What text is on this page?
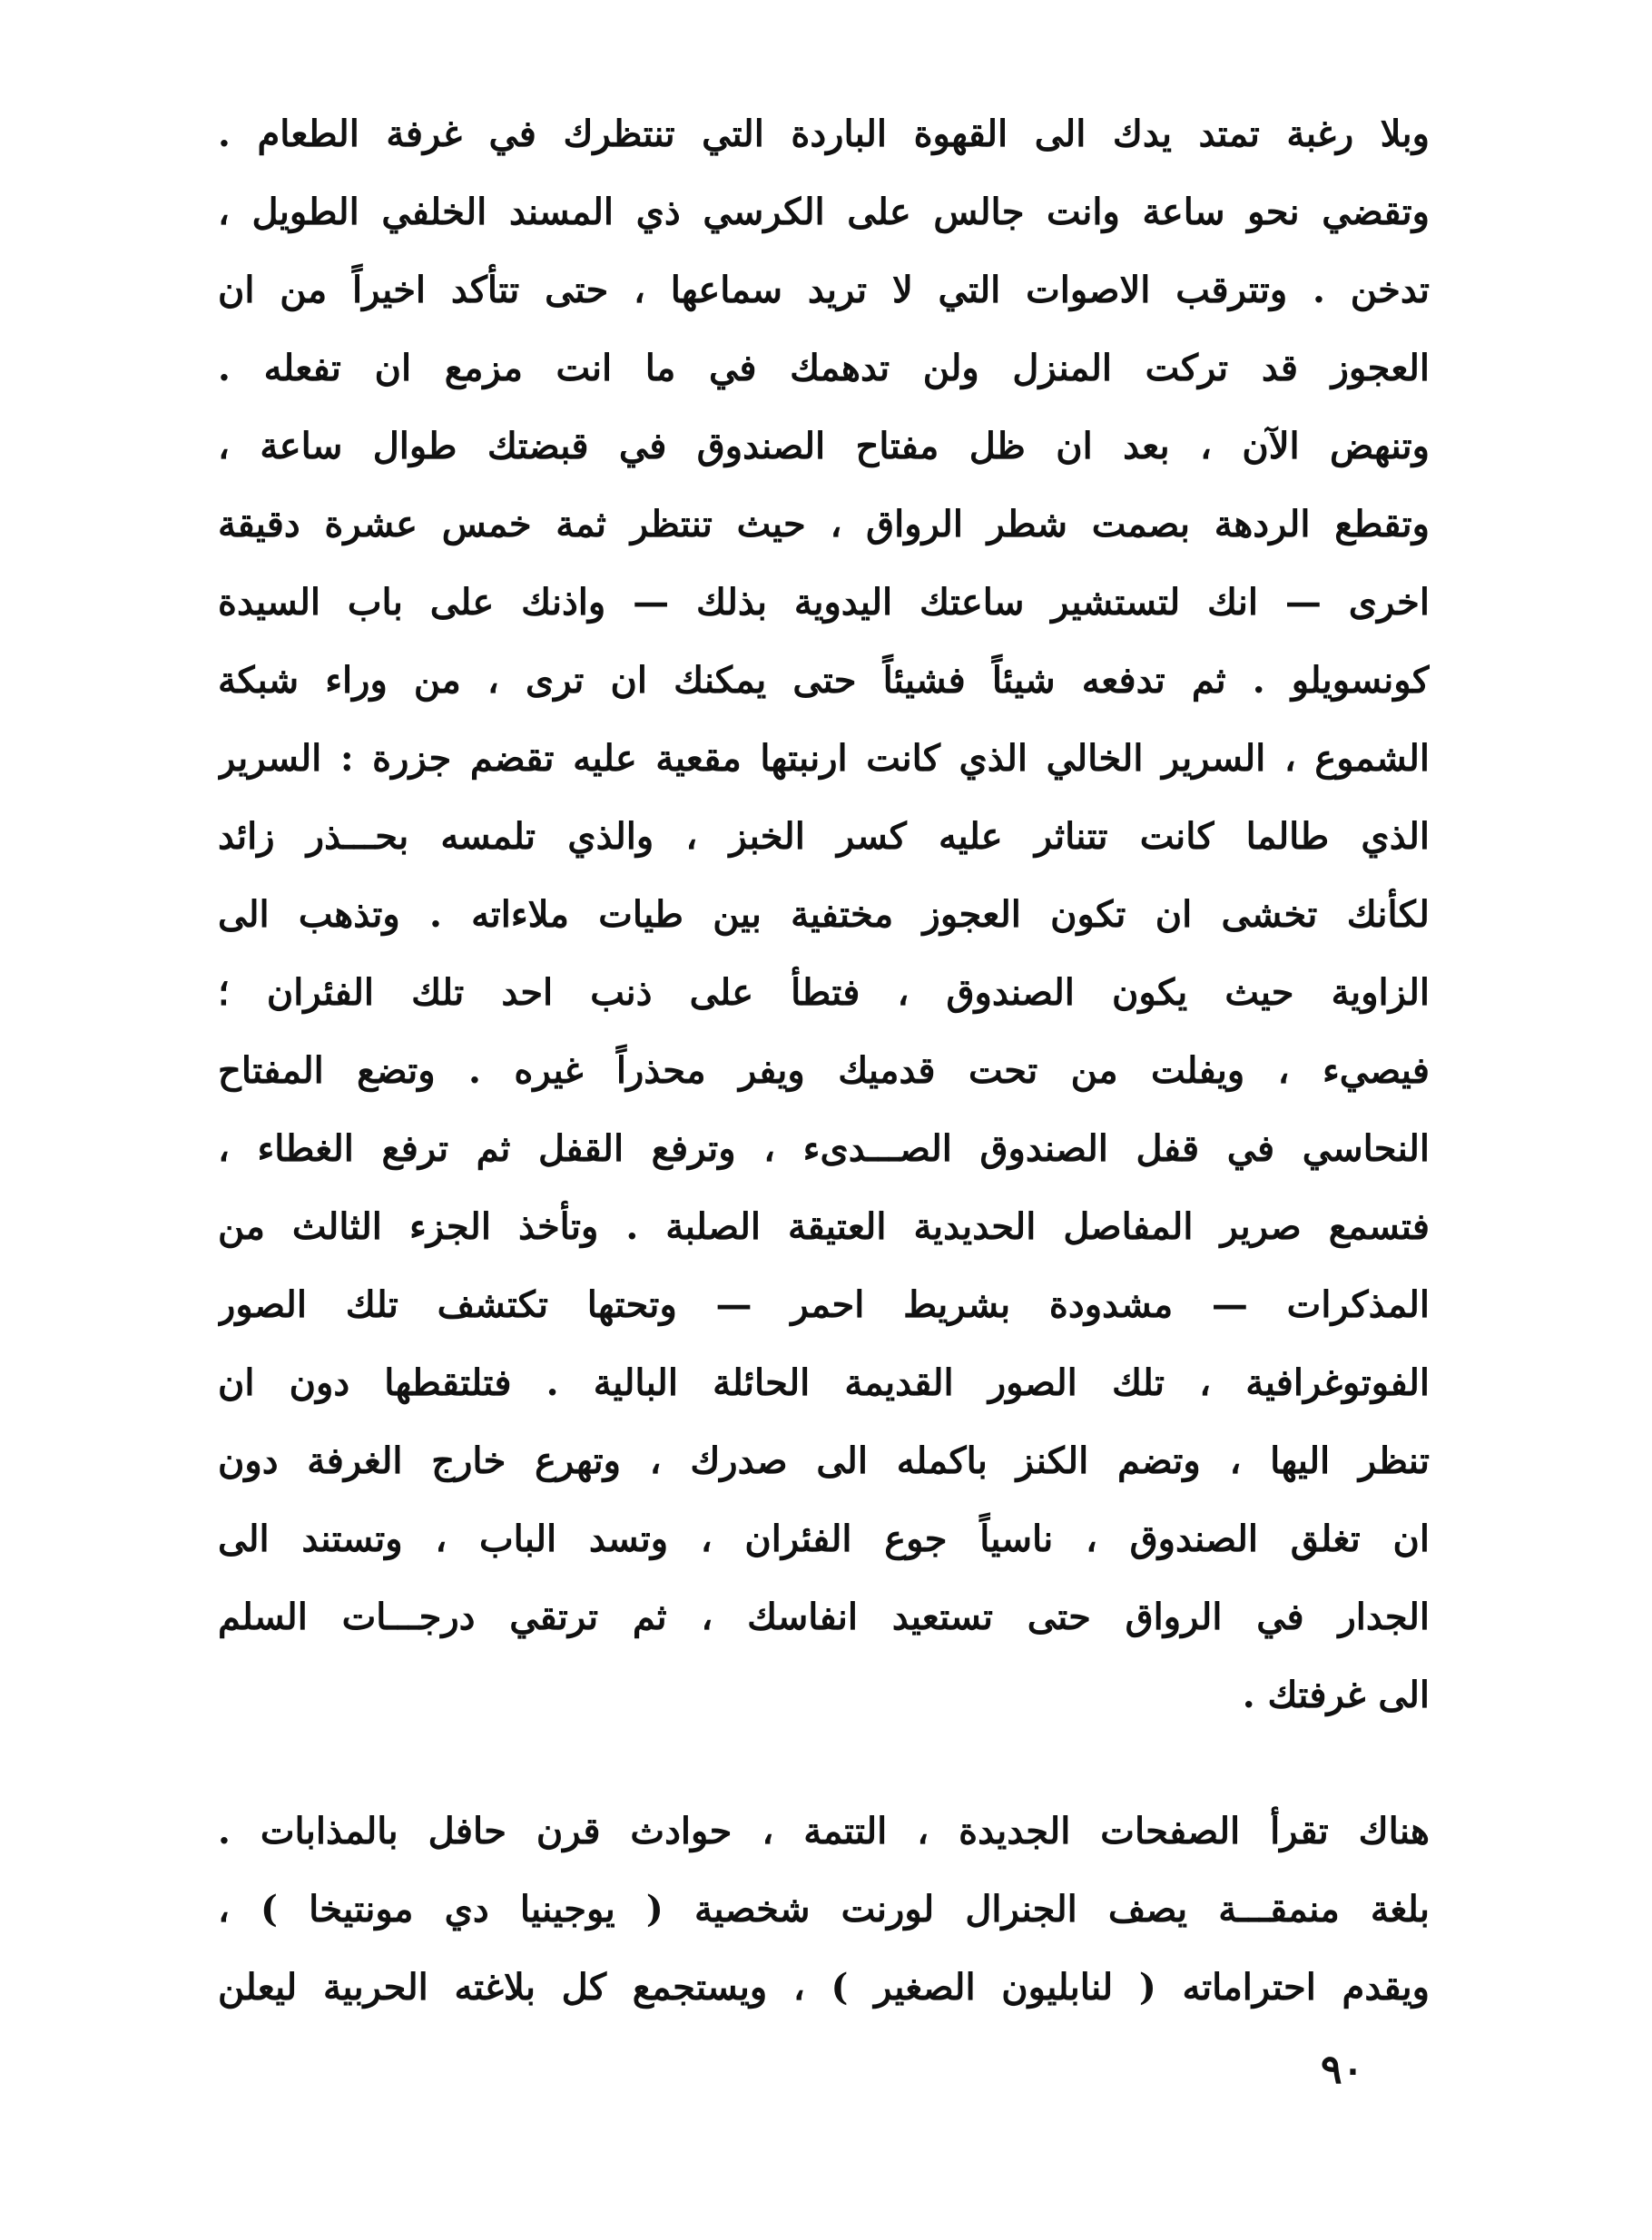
وبلا رغبة تمتد يدك الى القهوة الباردة التي تنتظرك في غرفة الطعام .
وتقضي نحو ساعة وانت جالس على الكرسي ذي المسند الخلفي الطويل ،
تدخن . وتترقب الاصوات التي لا تريد سماعها ، حتى تتأكد اخيراً من ان
العجوز قد تركت المنزل ولن تدهمك في ما انت مزمع ان تفعله .
وتنهض الآن ، بعد ان ظل مفتاح الصندوق في قبضتك طوال ساعة ،
وتقطع الردهة بصمت شطر الرواق ، حيث تنتظر ثمة خمس عشرة دقيقة
اخرى — انك لتستشير ساعتك اليدوية بذلك — واذنك على باب السيدة
كونسويلو . ثم تدفعه شيئاً فشيئاً حتى يمكنك ان ترى ، من وراء شبكة
الشموع ، السرير الخالي الذي كانت ارنبتها مقعية عليه تقضم جزرة : السرير
الذي طالما كانت تتناثر عليه كسر الخبز ، والذي تلمسه بحـــذر زائد
لكأنك تخشى ان تكون العجوز مختفية بين طيات ملاءاته . وتذهب الى
الزاوية حيث يكون الصندوق ، فتطأ على ذنب احد تلك الفئران ؛
فيصيء ، ويفلت من تحت قدميك ويفر محذراً غيره . وتضع المفتاح
النحاسي في قفل الصندوق الصـــدىء ، وترفع القفل ثم ترفع الغطاء ،
فتسمع صرير المفاصل الحديدية العتيقة الصلبة . وتأخذ الجزء الثالث من
المذكرات — مشدودة بشريط احمر — وتحتها تكتشف تلك الصور
الفوتوغرافية ، تلك الصور القديمة الحائلة البالية . فتلتقطها دون ان
تنظر اليها ، وتضم الكنز باكمله الى صدرك ، وتهرع خارج الغرفة دون
ان تغلق الصندوق ، ناسياً جوع الفئران ، وتسد الباب ، وتستند الى
الجدار في الرواق حتى تستعيد انفاسك ، ثم ترتقي درجـــات السلم
الى غرفتك .
هناك تقرأ الصفحات الجديدة ، التتمة ، حوادث قرن حافل بالمذابات .
بلغة منمقـــة يصف الجنرال لورنت شخصية ( يوجينيا دي مونتيخا ) ،
ويقدم احتراماته ( لنابليون الصغير ) ، ويستجمع كل بلاغته الحربية ليعلن
٩٠
